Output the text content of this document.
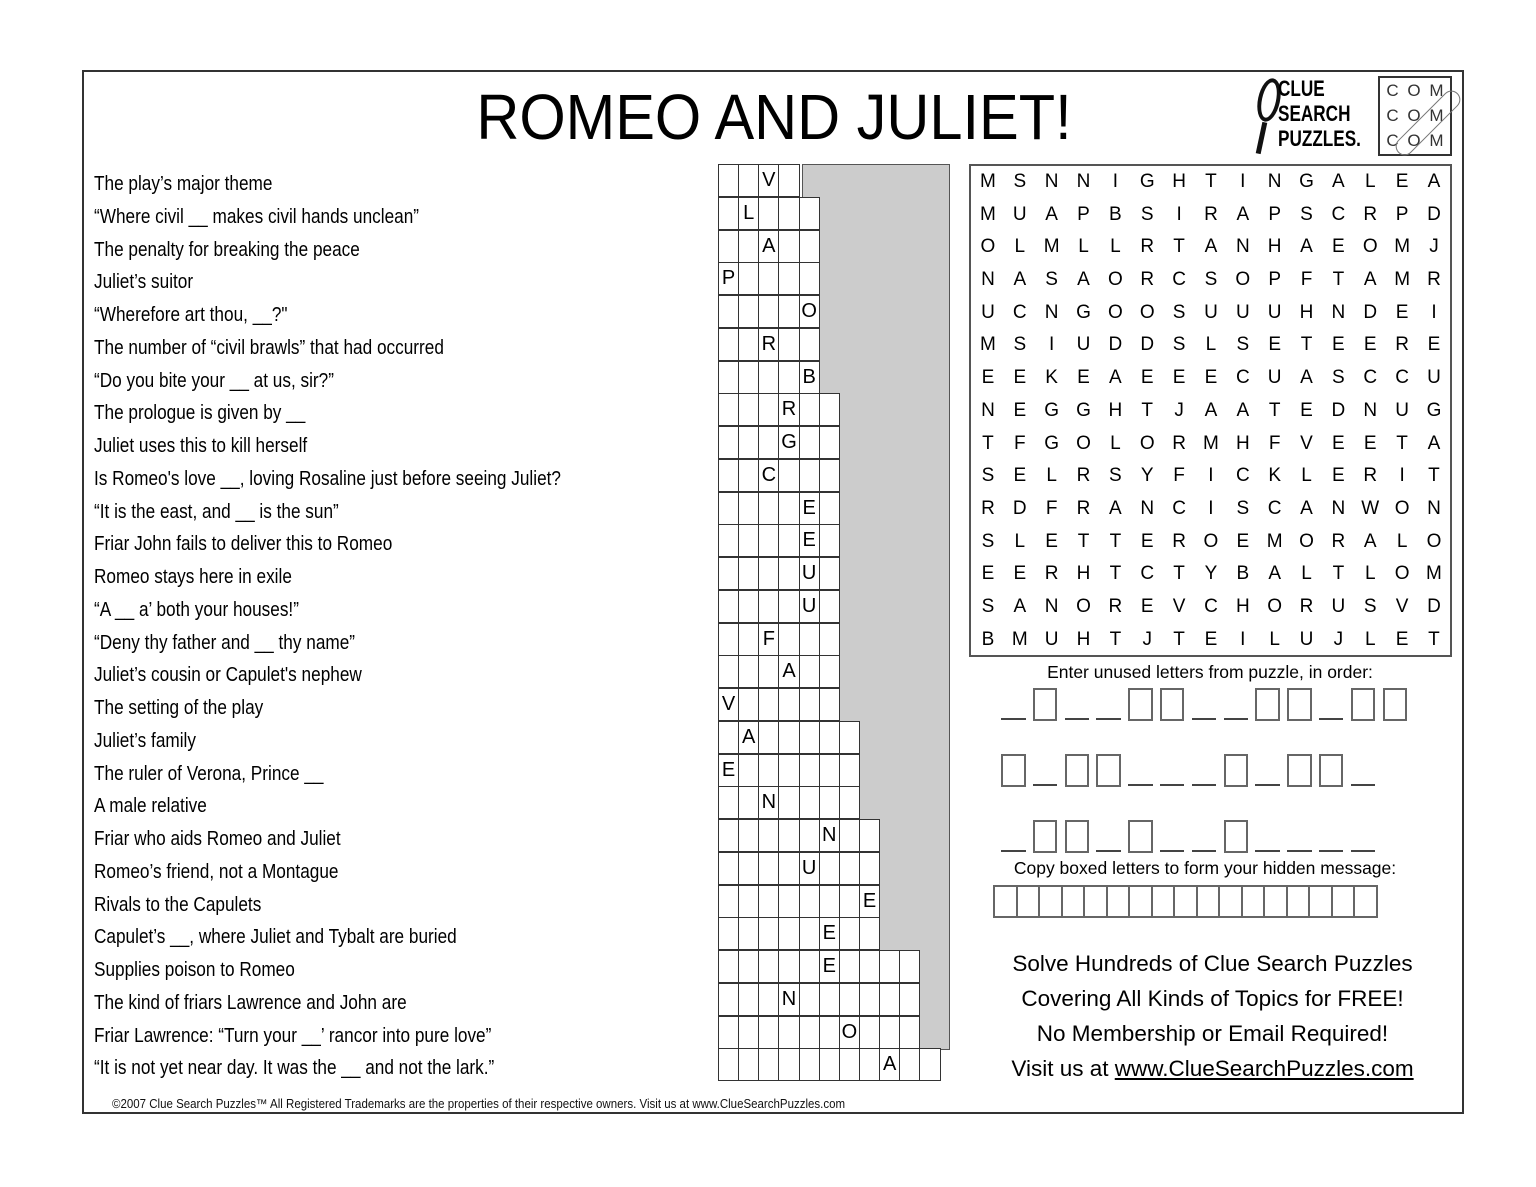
ROMEO AND JULIET!	CLUE
SEARCH
PUZZLES.
C O M
C O M
C O M
The play’s major theme
“Where civil __ makes civil hands unclean”
The penalty for breaking the peace
Juliet’s suitor
“Wherefore art thou, __?"
The number of “civil brawls” that had occurred
“Do you bite your __ at us, sir?”
The prologue is given by __
Juliet uses this to kill herself
Is Romeo's love __, loving Rosaline just before seeing Juliet?
“It is the east, and __ is the sun”
Friar John fails to deliver this to Romeo
Romeo stays here in exile
“A __ a’ both your houses!”
“Deny thy father and __ thy name”
Juliet’s cousin or Capulet's nephew
The setting of the play
Juliet’s family
The ruler of Verona, Prince __
A male relative
Friar who aids Romeo and Juliet
Romeo’s friend, not a Montague
Rivals to the Capulets
Capulet’s __, where Juliet and Tybalt are buried
Supplies poison to Romeo
The kind of friars Lawrence and John are
Friar Lawrence: “Turn your __’ rancor into pure love”
“It is not yet near day. It was the __ and not the lark.”
V
L
A
P
O
R
B
R
G
C
E
E
U
U
F
A
V
A
E
N
N
U
E
E
E
N
O
A
M S N N	I	G H	T	I	N G A	L	E	A
M U A	P	B	S	I	R A	P	S C R P D
O	L M L	L	R	T	A N H A	E O M	J
N A	S	A O R C S O P	F	T	A M R
U C N G O O S U U U H N D E	I
M S	I	U D D S	L	S	E	T	E	E R E
E	E	K	E	A	E	E	E C U A	S C C U
N E G G H	T	J	A	A	T	E D N U G
T	F G O	L	O R M H	F	V	E	E	T	A
S	E	L	R S	Y	F	I	C K	L	E R	I	T
R D	F	R A N C	I	S C A N W O N
S	L	E	T	T	E R O E M O R A	L	O
E	E R H	T	C	T	Y	B	A	L	T	L	O M
S	A N O R E	V C H O R U S	V D
B M U H	T	J	T	E	I	L	U	J	L	E	T
Enter unused letters from puzzle, in order:
Copy boxed letters to form your hidden message:
Solve Hundreds of Clue Search Puzzles
Covering All Kinds of Topics for FREE!
No Membership or Email Required!
Visit us at www.ClueSearchPuzzles.com
©2007 Clue Search Puzzles™ All Registered Trademarks are the properties of their respective owners. Visit us at www.ClueSearchPuzzles.com
